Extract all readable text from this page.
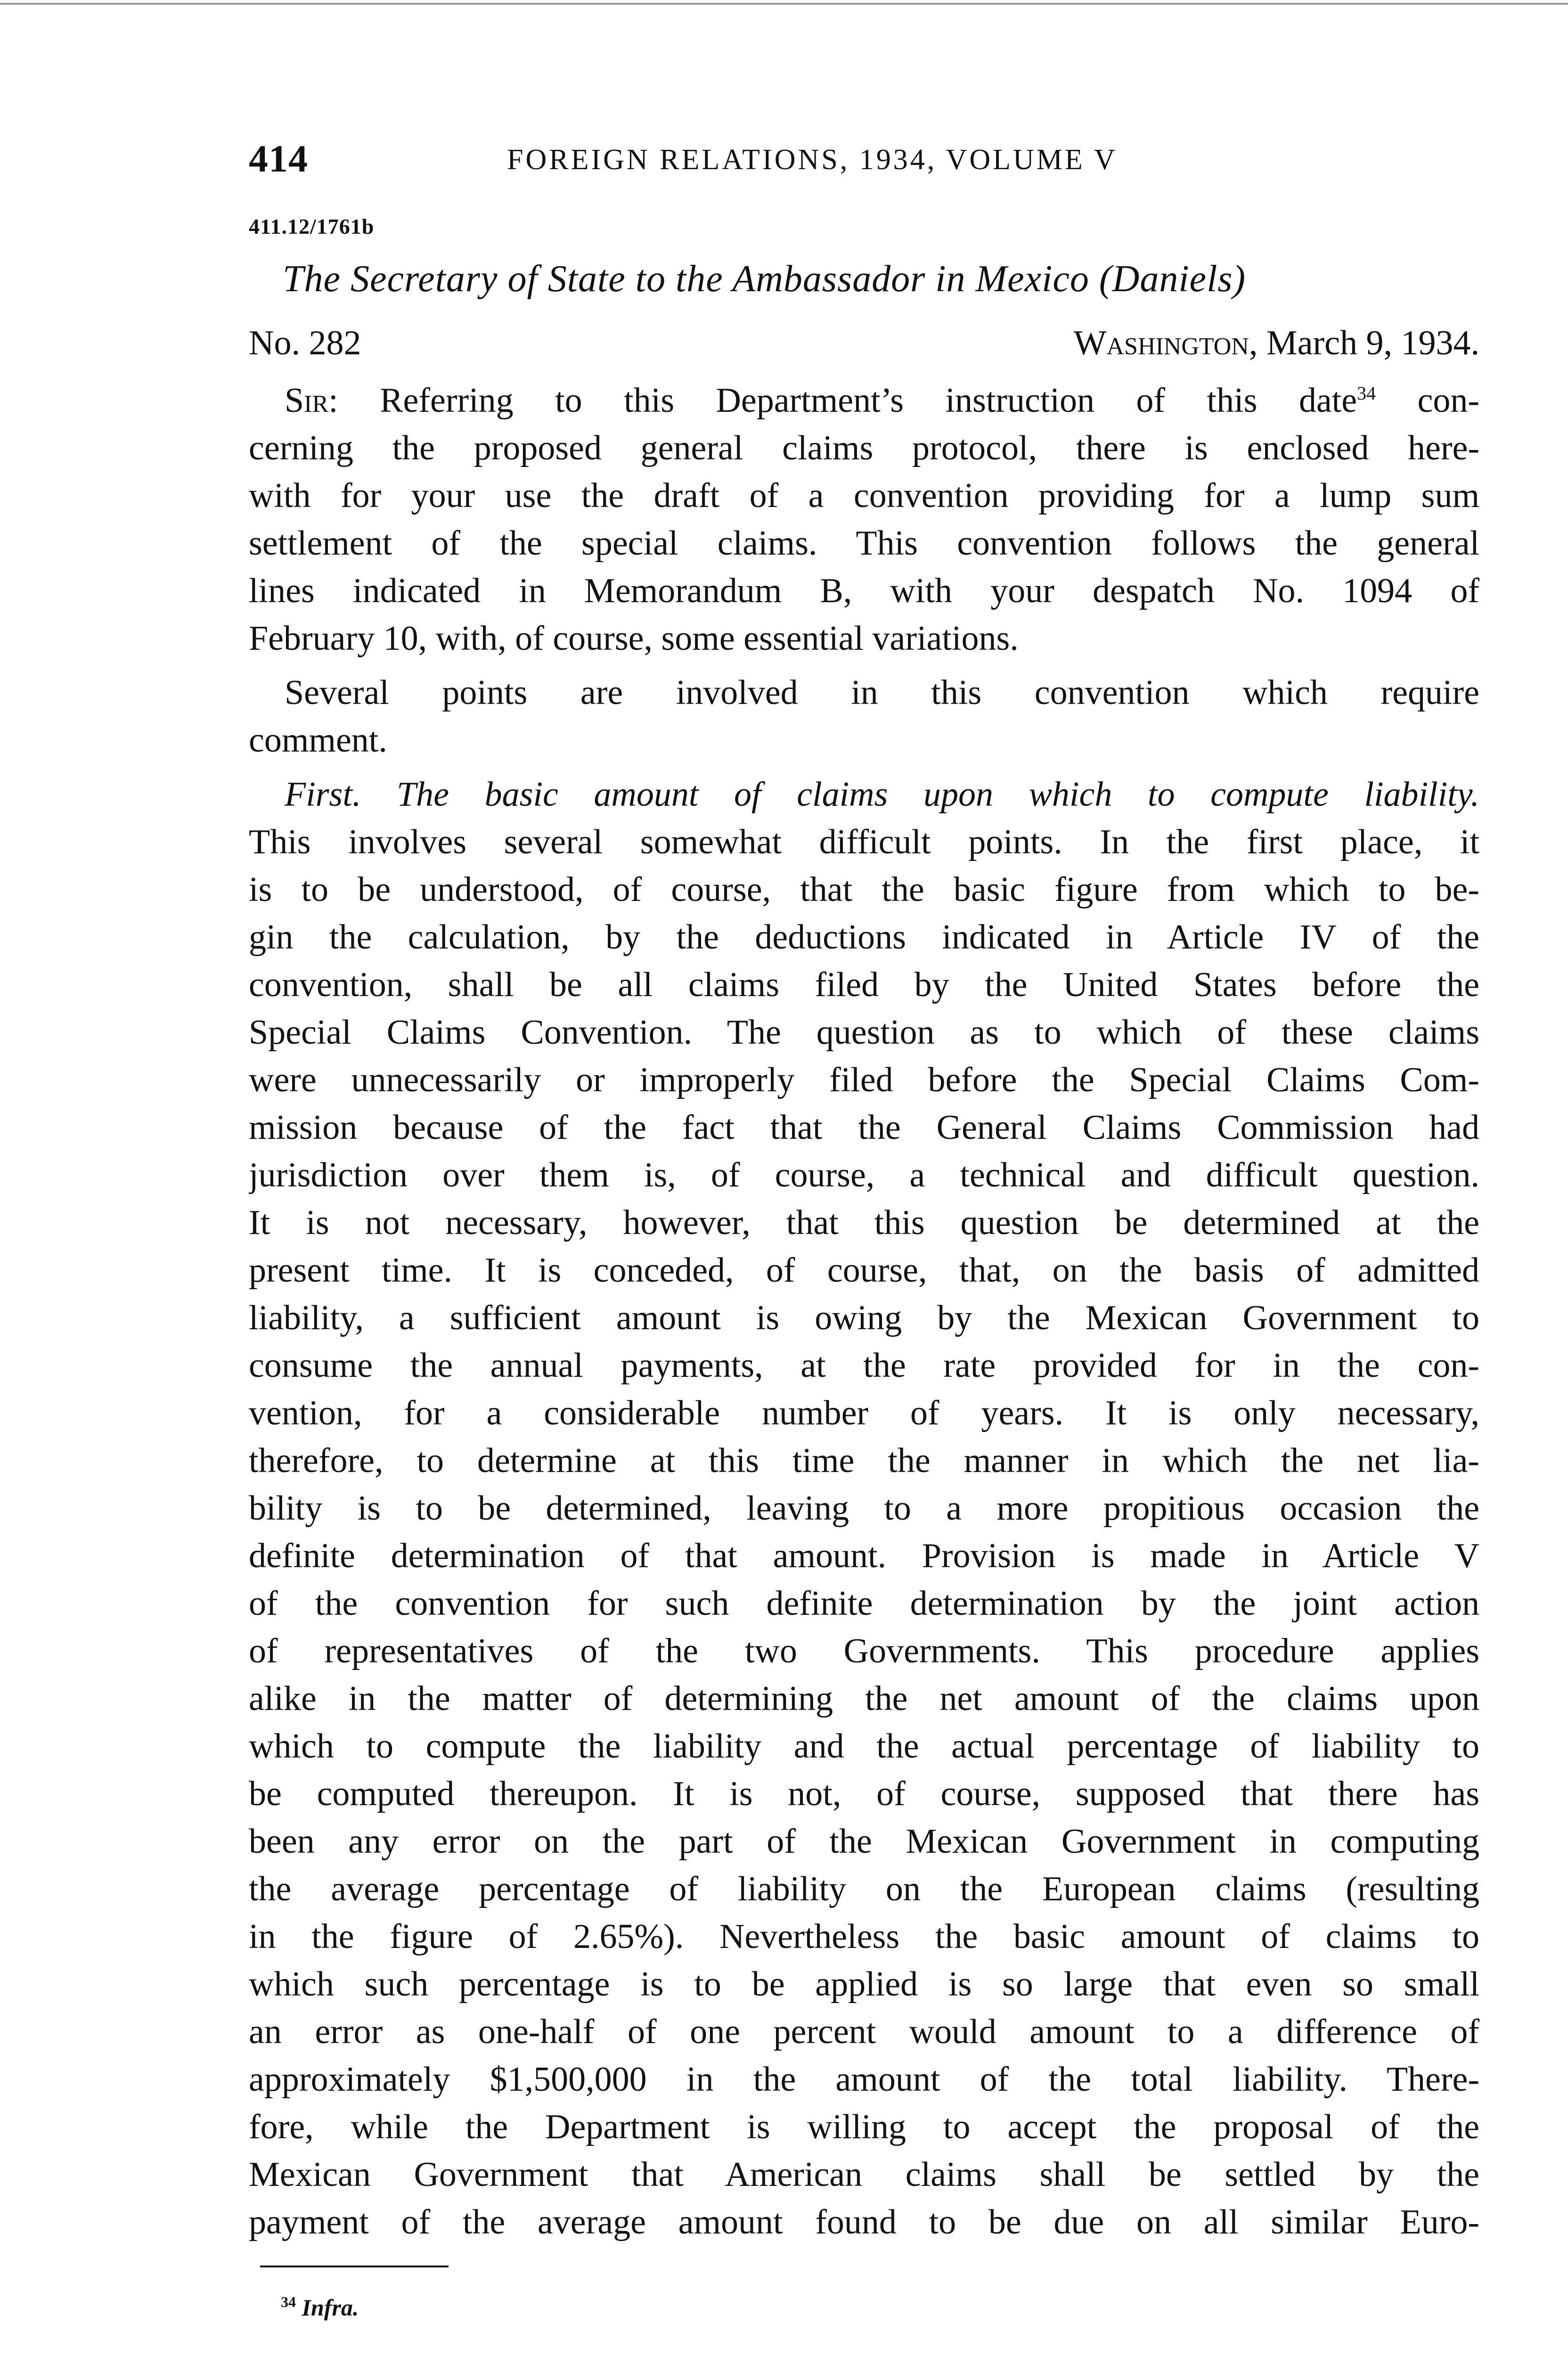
414	FOREIGN RELATIONS, 1934, VOLUME V
411.12/1761b
The Secretary of State to the Ambassador in Mexico (Daniels)
No. 282	Washington, March 9, 1934.
Sir: Referring to this Department’s instruction of this date$^{34}$ con-
cerning the proposed general claims protocol, there is enclosed here-
with for your use the draft of a convention providing for a lump sum
settlement of the special claims. This convention follows the general
lines indicated in Memorandum B, with your despatch No. 1094 of
February 10, with, of course, some essential variations.
Several points are involved in this convention which require
comment.
First. The basic amount of claims upon which to compute liability.
This involves several somewhat difficult points. In the first place, it
is to be understood, of course, that the basic figure from which to be-
gin the calculation, by the deductions indicated in Article IV of the
convention, shall be all claims filed by the United States before the
Special Claims Convention. The question as to which of these claims
were unnecessarily or improperly filed before the Special Claims Com-
mission because of the fact that the General Claims Commission had
jurisdiction over them is, of course, a technical and difficult question.
It is not necessary, however, that this question be determined at the
present time. It is conceded, of course, that, on the basis of admitted
liability, a sufficient amount is owing by the Mexican Government to
consume the annual payments, at the rate provided for in the con-
vention, for a considerable number of years. It is only necessary,
therefore, to determine at this time the manner in which the net lia-
bility is to be determined, leaving to a more propitious occasion the
definite determination of that amount. Provision is made in Article V
of the convention for such definite determination by the joint action
of representatives of the two Governments. This procedure applies
alike in the matter of determining the net amount of the claims upon
which to compute the liability and the actual percentage of liability to
be computed thereupon. It is not, of course, supposed that there has
been any error on the part of the Mexican Government in computing
the average percentage of liability on the European claims (resulting
in the figure of 2.65%). Nevertheless the basic amount of claims to
which such percentage is to be applied is so large that even so small
an error as one-half of one percent would amount to a difference of
approximately $1,500,000 in the amount of the total liability. There-
fore, while the Department is willing to accept the proposal of the
Mexican Government that American claims shall be settled by the
payment of the average amount found to be due on all similar Euro-
$^{34}$ Infra.
